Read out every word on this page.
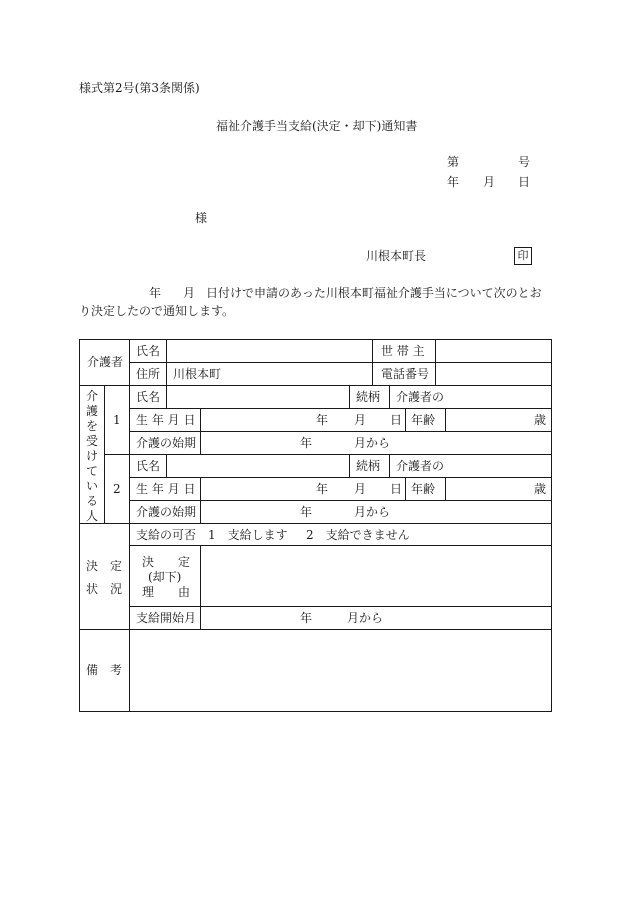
様式第2号(第3条関係)
福祉介護手当支給(決定・却下)通知書
第	号
年 月 日
様
川根本町長	印
年 月 日付けで申請のあった川根本町福祉介護手当について次のとお
り決定したので通知します。
介護者
氏名	世 帯 主
住所 川根本町	電話番号
介
護
を
受
け
て
い
る
人
1
氏名	続柄 介護者の
生 年 月 日	年 月 日 年齢	歳
介護の始期	年	月から
2
氏名	続柄 介護者の
生 年 月 日	年 月 日 年齢	歳
介護の始期	年	月から
決　定
状　況
支給の可否 1　支給します 2　支給できません
決　　定
(却下)
理　　由
支給開始月	年	月から
備　考
